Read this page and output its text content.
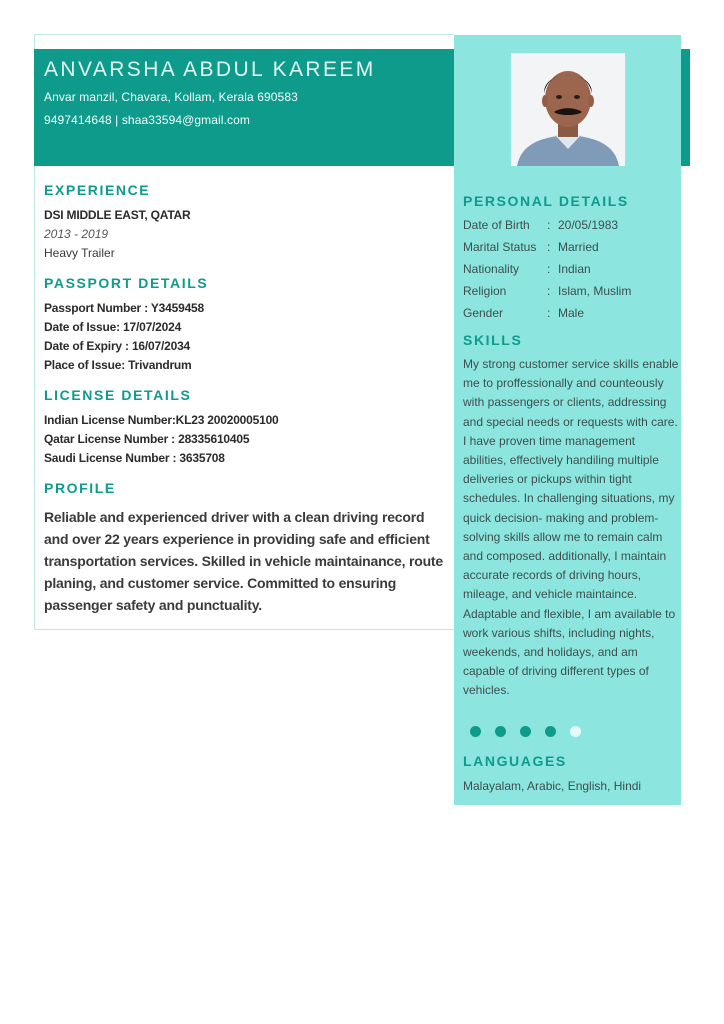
ANVARSHA ABDUL KAREEM
Anvar manzil, Chavara, Kollam, Kerala 690583
9497414648 | shaa33594@gmail.com
EXPERIENCE
DSI MIDDLE EAST, QATAR
2013 - 2019
Heavy Trailer
PASSPORT DETAILS
Passport Number : Y3459458
Date of Issue: 17/07/2024
Date of Expiry : 16/07/2034
Place of Issue: Trivandrum
LICENSE DETAILS
Indian License Number:KL23 20020005100
Qatar License Number : 28335610405
Saudi License Number : 3635708
PROFILE

Reliable and experienced driver with a clean driving record and over 22 years experience in providing safe and efficient transportation services. Skilled in vehicle maintainance, route planing, and customer service. Committed to ensuring passenger safety and punctuality.

PERSONAL DETAILS
Date of Birth	: 20/05/1983
Marital Status : Married
Nationality	: Indian
Religion	: Islam, Muslim
Gender	: Male
SKILLS

My strong customer service skills enable me to proffessionally and counteously with passengers or clients, addressing and special needs or requests with care. I have proven time management abilities, effectively handiling multiple deliveries or pickups within tight schedules. In challenging situations, my quick decision- making and problem-solving skills allow me to remain calm and composed. additionally, I maintain accurate records of driving hours, mileage, and vehicle maintaince. Adaptable and flexible, I am available to work various shifts, including nights, weekends, and holidays, and am capable of driving different types of vehicles.

LANGUAGES
Malayalam, Arabic, English, Hindi
